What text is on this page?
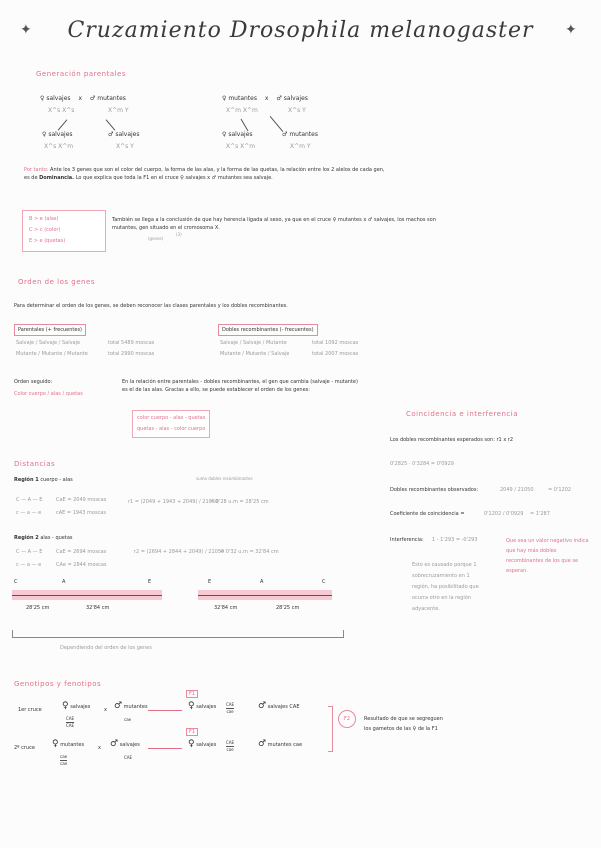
✦	Cruzamiento Drosophila melanogaster	✦
Generación parentales
♀ salvajes x ♂ mutantes
X^s X^s	X^m Y
♀ salvajes	♂ salvajes
X^s X^m	X^s Y
♀ mutantes x ♂ salvajes
X^m X^m	X^s Y
♀ salvajes	♂ mutantes
X^s X^m	X^m Y
Por tanto: Ante los 3 genes que son el color del cuerpo, la forma de las alas, y la forma de las quetas, la relación entre los 2 alelos de cada gen,
es de Dominancia. Lo que explica que toda la F1 en el cruce ♀ salvajes x ♂ mutantes sea salvaje.
B > e (alas)
C > c (color)
E > e (quetas)
También se llega a la conclusión de que hay herencia ligada al sexo, ya que en el cruce ♀ mutantes x ♂ salvajes, los machos son
mutantes, gen situado en el cromosoma X.
(genes)
(3)
Orden de los genes
Para determinar el orden de los genes, se deben reconocer las clases parentales y los dobles recombinantes.
Parentales (+ frecuentes)
Salvaje / Salvaje / Salvaje	total 5489 moscas
Mutante / Mutante / Mutante	total 2990 moscas
Dobles recombinantes (- frecuentes)
Salvaje / Salvaje / Mutante	total 1092 moscas
Mutante / Mutante / Salvaje	total 2007 moscas
Orden seguido:
Color cuerpo / alas / quetas
En la relación entre parentales - dobles recombinantes, el gen que cambia (salvaje - mutante)
es el de las alas. Gracias a ello, se puede establecer el orden de los genes:
color cuerpo - alas - quetas
quetas - alas - color cuerpo
Distancias
Región 1 cuerpo - alas	suma dobles recombinantes
C — A — E	CaE = 2049 moscas
c — a — e	cAE = 1943 moscas
r1 = (2049 + 1943 + 2049) / 21050
= 0'28 u.m = 28'25 cm
Región 2 alas - quetas
C — A — E	CaE = 2694 moscas
c — a — e	CAe = 2844 moscas
r2 = (2694 + 2844 + 2049) / 21050
= 0'32 u.m = 32'84 cm
C	A	E
28'25 cm	32'84 cm
E	A	C
32'84 cm	28'25 cm
Dependiendo del orden de los genes
Coincidencia e interferencia
Los dobles recombinantes esperados son: r1 x r2
0'2825 · 0'3284 = 0'0929
Dobles recombinantes observados:	2049 / 21050	= 0'1202
Coeficiente de coincidencia =	0'1202 / 0'0929 = 1'287
Interferencia: 1 - 1'293 = -0'293	Que sea un valor negativo indica que hay más dobles recombinantes de los que se esperan.
Esto es causado porque 1 sobrecruzamiento en 1 región, ha posibilitado que ocurra otro en la región adyacente.
Genotipos y fenotipos
1er cruce ♀ salvajes
CAE
CAE
x ♂ mutantes
cae
F1
♀ salvajes CAE
cae
♂ salvajes CAE
2º cruce ♀ mutantes
cae
cae
x ♂ salvajes
CAE
F1
♀ salvajes CAE
cae
♂ mutantes cae
F2	Resultado de que se segreguen los gametos de las ♀ de la F1
